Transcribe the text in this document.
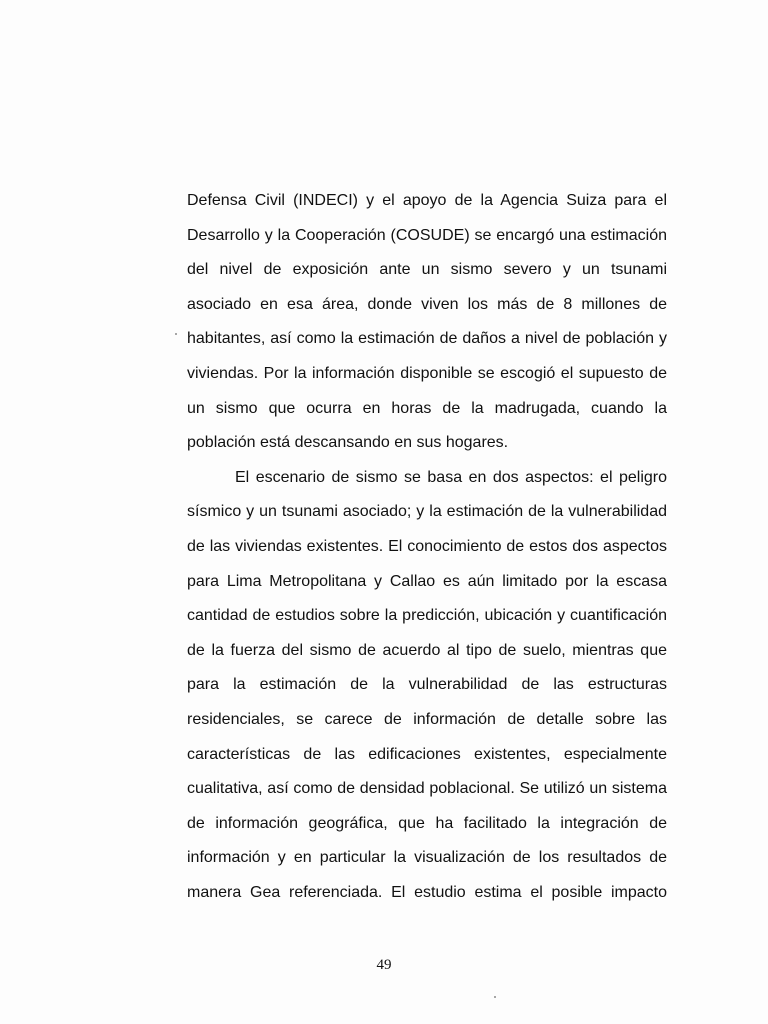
Defensa Civil (INDECI) y el apoyo de la Agencia Suiza para el
Desarrollo y la Cooperación (COSUDE) se encargó una estimación
del nivel de exposición ante un sismo severo y un tsunami
asociado en esa área, donde viven los más de 8 millones de
habitantes, así como la estimación de daños a nivel de población y
viviendas. Por la información disponible se escogió el supuesto de
un sismo que ocurra en horas de la madrugada, cuando la
población está descansando en sus hogares.
El escenario de sismo se basa en dos aspectos: el peligro
sísmico y un tsunami asociado; y la estimación de la vulnerabilidad
de las viviendas existentes. El conocimiento de estos dos aspectos
para Lima Metropolitana y Callao es aún limitado por la escasa
cantidad de estudios sobre la predicción, ubicación y cuantificación
de la fuerza del sismo de acuerdo al tipo de suelo, mientras que
para la estimación de la vulnerabilidad de las estructuras
residenciales, se carece de información de detalle sobre las
características de las edificaciones existentes, especialmente
cualitativa, así como de densidad poblacional. Se utilizó un sistema
de información geográfica, que ha facilitado la integración de
información y en particular la visualización de los resultados de
manera Gea referenciada. El estudio estima el posible impacto
49
